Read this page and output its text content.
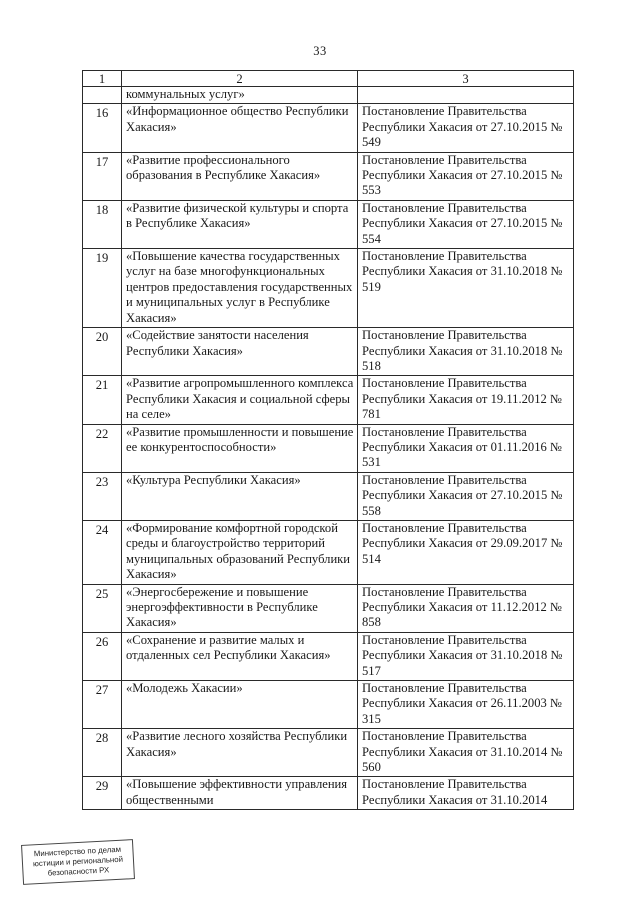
33
1	2	3
	коммунальных услуг»	
16	«Информационное общество Республики Хакасия»	Постановление Правительства Республики Хакасия от 27.10.2015 № 549
17	«Развитие профессионального образования в Республике Хакасия»	Постановление Правительства Республики Хакасия от 27.10.2015 № 553
18	«Развитие физической культуры и спорта в Республике Хакасия»	Постановление Правительства Республики Хакасия от 27.10.2015 № 554
19	«Повышение качества государственных услуг на базе многофункциональных центров предоставления государственных и муниципальных услуг в Республике Хакасия»	Постановление Правительства Республики Хакасия от 31.10.2018 № 519
20	«Содействие занятости населения Республики Хакасия»	Постановление Правительства Республики Хакасия от 31.10.2018 № 518
21	«Развитие агропромышленного комплекса Республики Хакасия и социальной сферы на селе»	Постановление Правительства Республики Хакасия от 19.11.2012 № 781
22	«Развитие промышленности и повышение ее конкурентоспособности»	Постановление Правительства Республики Хакасия от 01.11.2016 № 531
23	«Культура Республики Хакасия»	Постановление Правительства Республики Хакасия от 27.10.2015 № 558
24	«Формирование комфортной городской среды и благоустройство территорий муниципальных образований Республики Хакасия»	Постановление Правительства Республики Хакасия от 29.09.2017 № 514
25	«Энергосбережение и повышение энергоэффективности в Республике Хакасия»	Постановление Правительства Республики Хакасия от 11.12.2012 № 858
26	«Сохранение и развитие малых и отдаленных сел Республики Хакасия»	Постановление Правительства Республики Хакасия от 31.10.2018 № 517
27	«Молодежь Хакасии»	Постановление Правительства Республики Хакасия от 26.11.2003 № 315
28	«Развитие лесного хозяйства Республики Хакасия»	Постановление Правительства Республики Хакасия от 31.10.2014 № 560
29	«Повышение эффективности управления общественными	Постановление Правительства Республики Хакасия от 31.10.2014
Министерство по делам
юстиции и региональной
безопасности РХ
